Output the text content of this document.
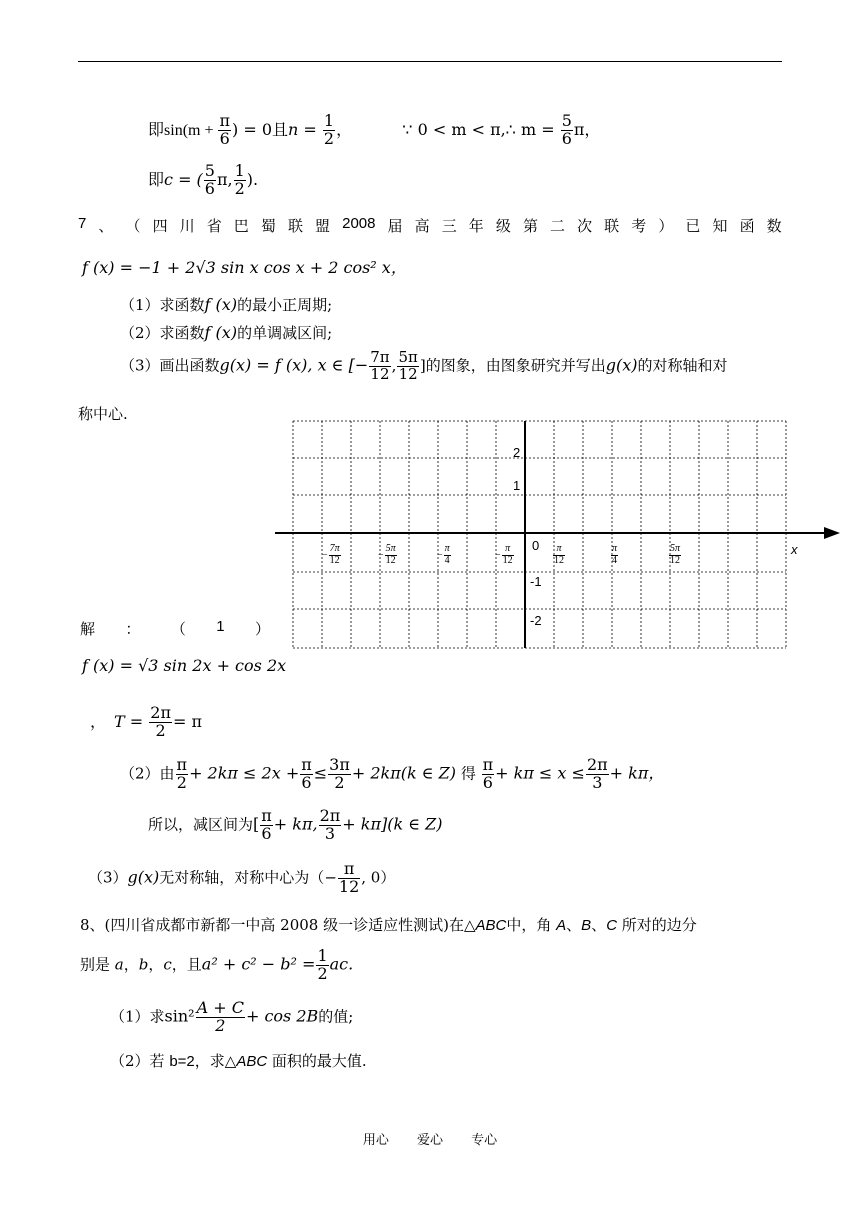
即$\sin(m + \frac{\pi}{6}$ ) = 0且$n = \frac{1}{2}$ ，	∵ 0 < m < π,∴ $m = \frac{5}{6}$ π，
即c = ( $\frac{5}{6} \pi$, $\frac{1}{2}$ ).
7 、 （ 四 川 省 巴 蜀 联 盟 2008 届 高 三 年 级 第 二 次 联 考 ） 已 知 函 数
f (x) = −1 + 2√3 sin x cos x + 2 cos² x，
（1）求函数f (x)的最小正周期;
（2）求函数f (x)的单调减区间;
（3）画出函数g(x) = f (x), x ∈ [− $\frac{7\pi}{12}$ , $\frac{5\pi}{12}$ ]的图象，由图象研究并写出g(x)的对称轴和对
称中心.
2
1
0
-1
-2
x
− $\frac{7\pi}{12}$	− $\frac{5\pi}{12}$	− $\frac{\pi}{4}$	− $\frac{\pi}{12}$	$\frac{\pi}{12}$	$\frac{\pi}{4}$	$\frac{5\pi}{12}$
解 ： （ 1 ）
f (x) = √3 sin 2x + cos 2x
， $T = \frac{2\pi}{2} = \pi$
（2）由 $\frac{\pi}{2} + 2k\pi \le 2x + \frac{\pi}{6} \le \frac{3\pi}{2} + 2k\pi(k$ ∈ Z) 得 $\frac{\pi}{6} + k\pi \le x \le \frac{2\pi}{3} + k\pi$，
所以，减区间为[ $\frac{\pi}{6} + k\pi$, $\frac{2\pi}{3} + k\pi](k$ ∈ Z)
（3）g(x)无对称轴，对称中心为（− $\frac{\pi}{12}$ , 0）
8、(四川省成都市新都一中高 2008 级一诊适应性测试)在△ABC中，角 A、B、C 所对的边分
别是 a，b，c，且$a^2 + c^2 - b^2 = \frac{1}{2}$ ac.
（1）求$\sin^2 \frac{A + C}{2} + \cos 2B$的值;
（2）若 b=2，求△ABC 面积的最大值.
用心 爱心 专心
